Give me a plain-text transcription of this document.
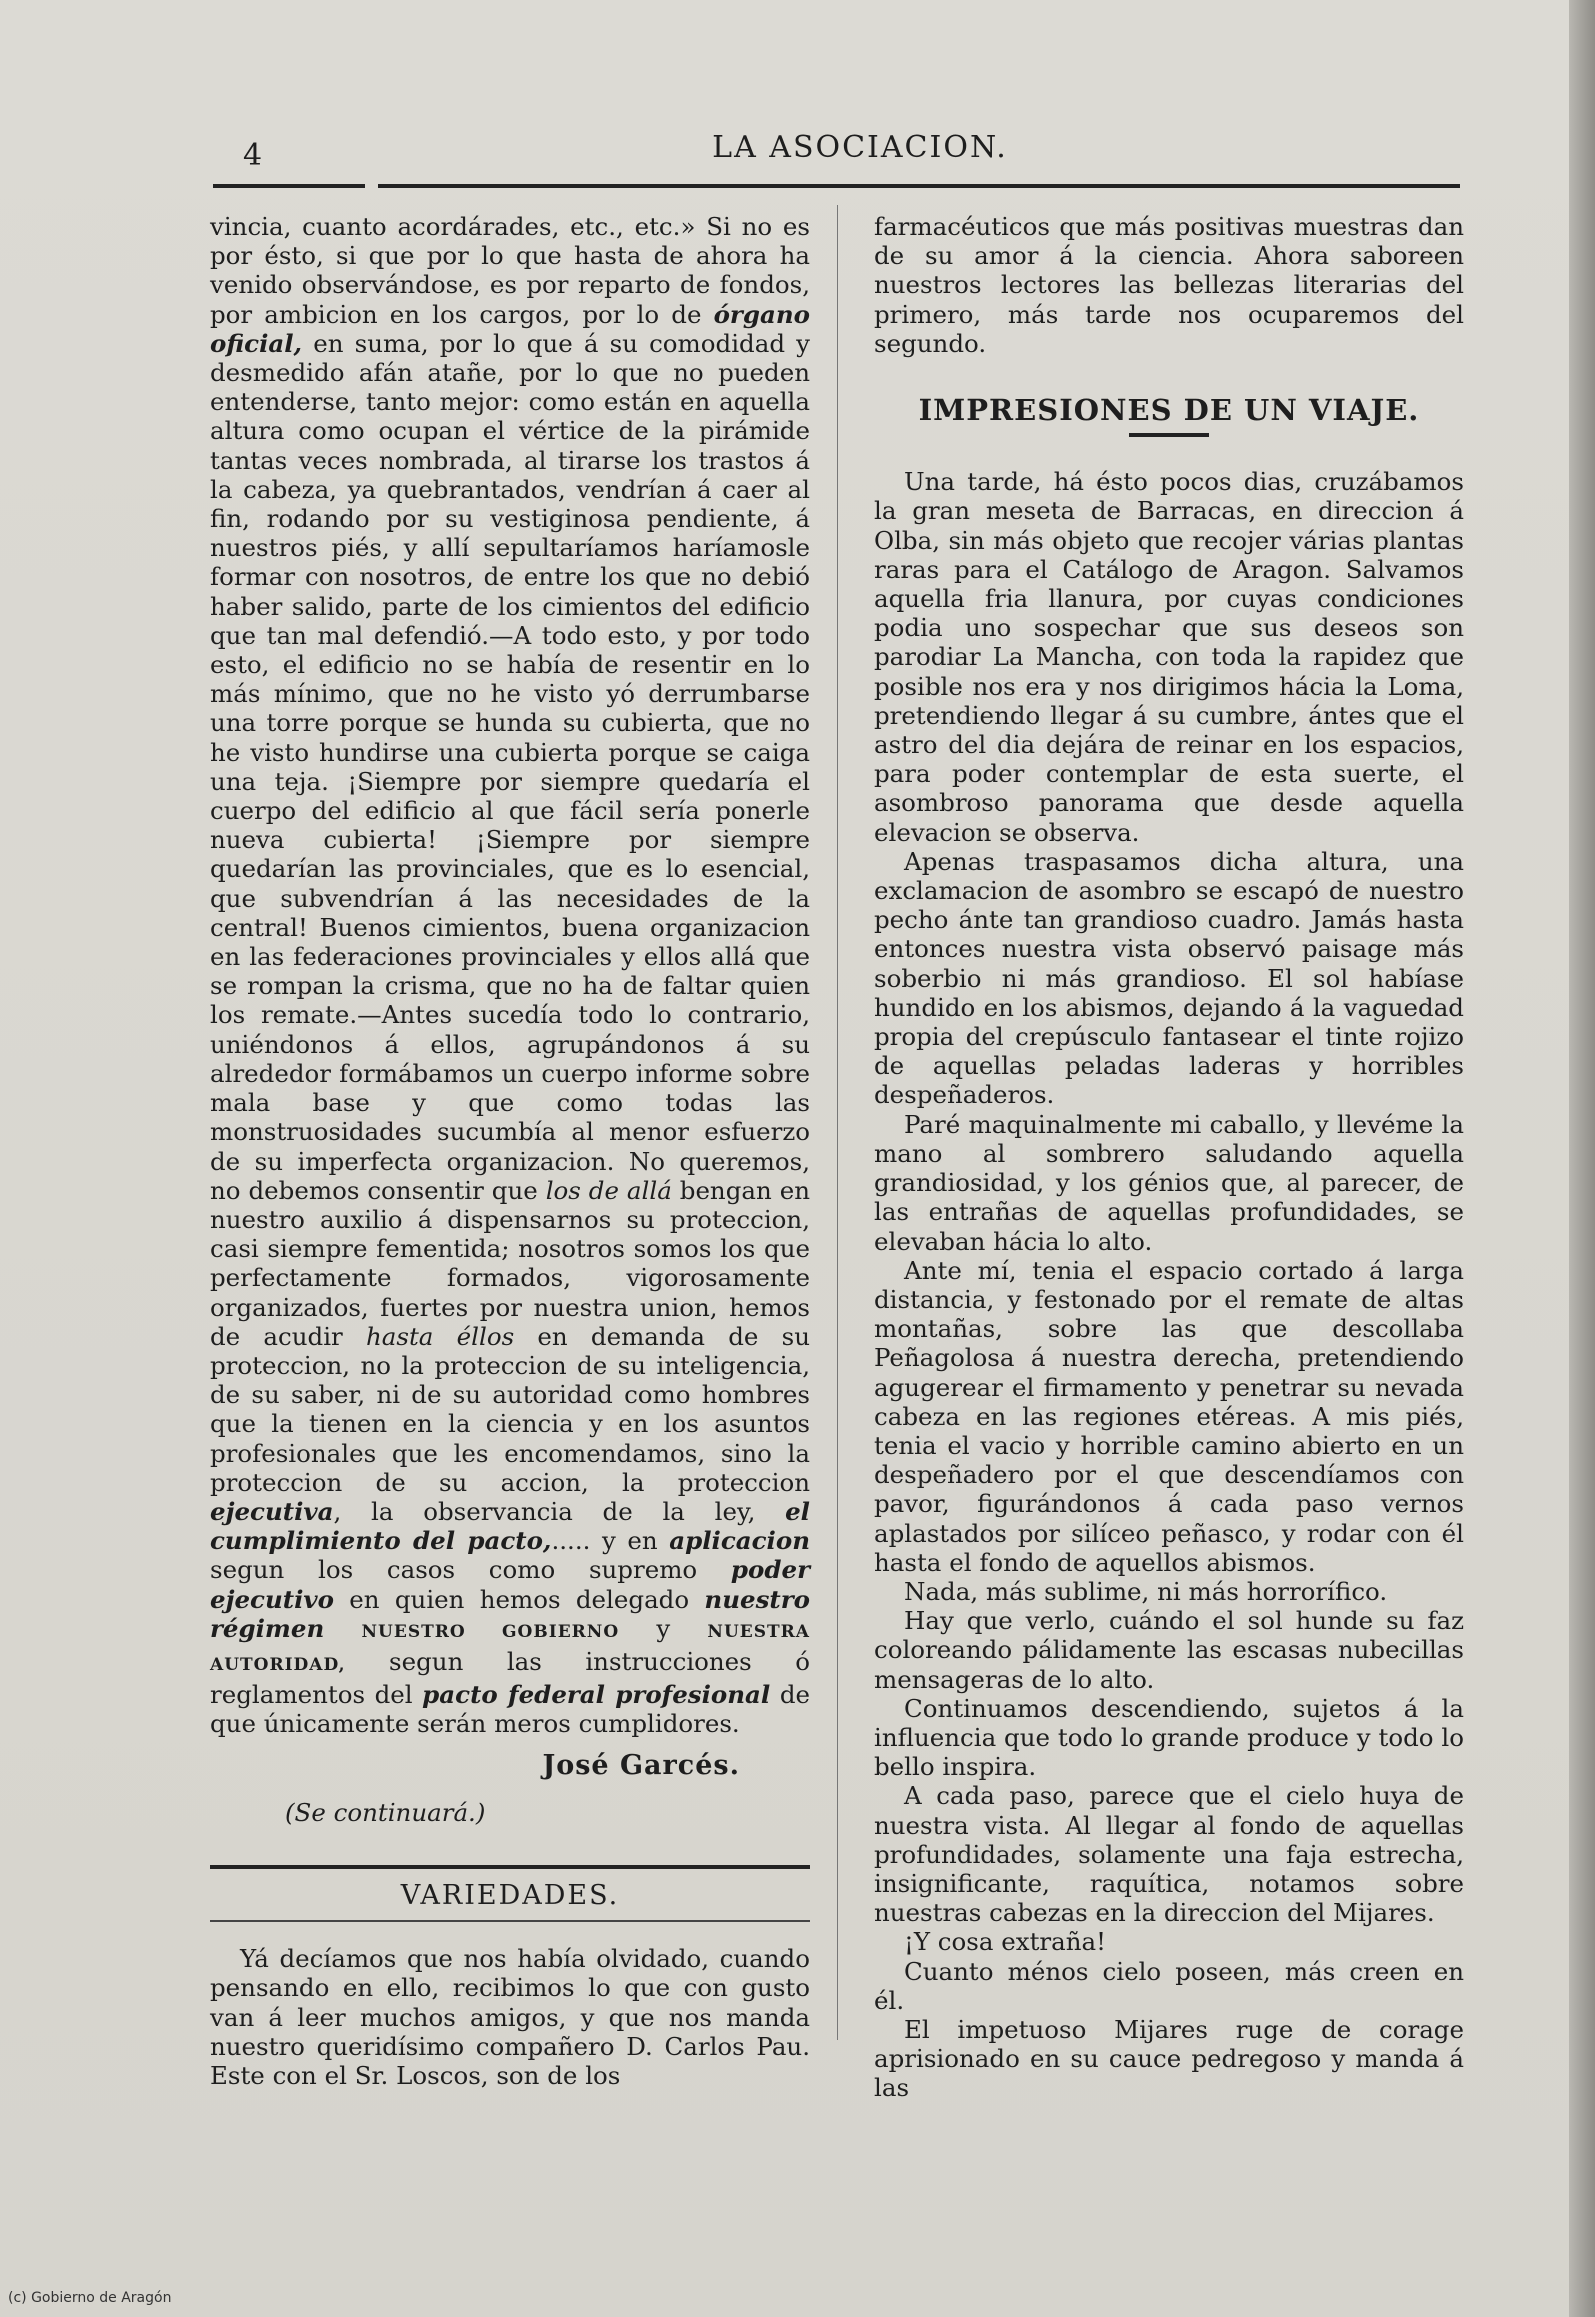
4	LA ASOCIACION.

vincia, cuanto acordárades, etc., etc.» Si no es por ésto, si que por lo que hasta de ahora ha venido observándose, es por reparto de fondos, por ambicion en los cargos, por lo de órgano oficial, en suma, por lo que á su comodidad y desmedido afán atañe, por lo que no pueden entenderse, tanto mejor: como están en aquella altura como ocupan el vértice de la pirámide tantas veces nombrada, al tirarse los trastos á la cabeza, ya quebrantados, vendrían á caer al fin, rodando por su vestiginosa pendiente, á nuestros piés, y allí sepultaríamos haríamosle formar con nosotros, de entre los que no debió haber salido, parte de los cimientos del edificio que tan mal defendió.—A todo esto, y por todo esto, el edificio no se había de resentir en lo más mínimo, que no he visto yó derrumbarse una torre porque se hunda su cubierta, que no he visto hundirse una cubierta porque se caiga una teja. ¡Siempre por siempre quedaría el cuerpo del edificio al que fácil sería ponerle nueva cubierta! ¡Siempre por siempre quedarían las provinciales, que es lo esencial, que subvendrían á las necesidades de la central! Buenos cimientos, buena organizacion en las federaciones provinciales y ellos allá que se rompan la crisma, que no ha de faltar quien los remate.—Antes sucedía todo lo contrario, uniéndonos á ellos, agrupándonos á su alrededor formábamos un cuerpo informe sobre mala base y que como todas las monstruosidades sucumbía al menor esfuerzo de su imperfecta organizacion. No queremos, no debemos consentir que los de allá bengan en nuestro auxilio á dispensarnos su proteccion, casi siempre fementida; nosotros somos los que perfectamente formados, vigorosamente organizados, fuertes por nuestra union, hemos de acudir hasta éllos en demanda de su proteccion, no la proteccion de su inteligencia, de su saber, ni de su autoridad como hombres que la tienen en la ciencia y en los asuntos profesionales que les encomendamos, sino la proteccion de su accion, la proteccion ejecutiva, la observancia de la ley, el cumplimiento del pacto,..... y en aplicacion segun los casos como supremo poder ejecutivo en quien hemos delegado nuestro régimen NUESTRO GOBIERNO y NUESTRA AUTORIDAD, segun las instrucciones ó reglamentos del pacto federal profesional de que únicamente serán meros cumplidores.

José Garcés.

(Se continuará.)

VARIEDADES.

Yá decíamos que nos había olvidado, cuando pensando en ello, recibimos lo que con gusto van á leer muchos amigos, y que nos manda nuestro queridísimo compañero D. Carlos Pau. Este con el Sr. Loscos, son de los

farmacéuticos que más positivas muestras dan de su amor á la ciencia. Ahora saboreen nuestros lectores las bellezas literarias del primero, más tarde nos ocuparemos del segundo.

IMPRESIONES DE UN VIAJE.

Una tarde, há ésto pocos dias, cruzábamos la gran meseta de Barracas, en direccion á Olba, sin más objeto que recojer várias plantas raras para el Catálogo de Aragon. Salvamos aquella fria llanura, por cuyas condiciones podia uno sospechar que sus deseos son parodiar La Mancha, con toda la rapidez que posible nos era y nos dirigimos hácia la Loma, pretendiendo llegar á su cumbre, ántes que el astro del dia dejára de reinar en los espacios, para poder contemplar de esta suerte, el asombroso panorama que desde aquella elevacion se observa.

Apenas traspasamos dicha altura, una exclamacion de asombro se escapó de nuestro pecho ánte tan grandioso cuadro. Jamás hasta entonces nuestra vista observó paisage más soberbio ni más grandioso. El sol habíase hundido en los abismos, dejando á la vaguedad propia del crepúsculo fantasear el tinte rojizo de aquellas peladas laderas y horribles despeñaderos.

Paré maquinalmente mi caballo, y llevéme la mano al sombrero saludando aquella grandiosidad, y los génios que, al parecer, de las entrañas de aquellas profundidades, se elevaban hácia lo alto.

Ante mí, tenia el espacio cortado á larga distancia, y festonado por el remate de altas montañas, sobre las que descollaba Peñagolosa á nuestra derecha, pretendiendo agugerear el firmamento y penetrar su nevada cabeza en las regiones etéreas. A mis piés, tenia el vacio y horrible camino abierto en un despeñadero por el que descendíamos con pavor, figurándonos á cada paso vernos aplastados por silíceo peñasco, y rodar con él hasta el fondo de aquellos abismos.

Nada, más sublime, ni más horrorífico.

Hay que verlo, cuándo el sol hunde su faz coloreando pálidamente las escasas nubecillas mensageras de lo alto.

Continuamos descendiendo, sujetos á la influencia que todo lo grande produce y todo lo bello inspira.

A cada paso, parece que el cielo huya de nuestra vista. Al llegar al fondo de aquellas profundidades, solamente una faja estrecha, insignificante, raquítica, notamos sobre nuestras cabezas en la direccion del Mijares.

¡Y cosa extraña!

Cuanto ménos cielo poseen, más creen en él.

El impetuoso Mijares ruge de corage aprisionado en su cauce pedregoso y manda á las

(c) Gobierno de Aragón
